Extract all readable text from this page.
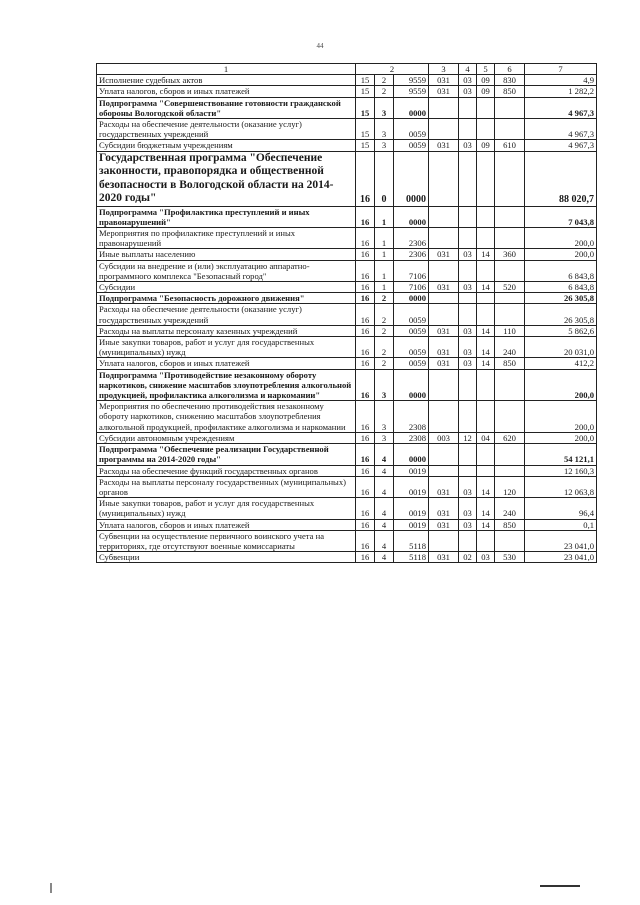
44
1	2			3	4	5	6	7
Исполнение судебных актов	15	2	9559	031	03	09	830	4,9
Уплата налогов, сборов и иных платежей	15	2	9559	031	03	09	850	1 282,2
Подпрограмма "Совершенствование готовности гражданской обороны Вологодской области"	15	3	0000					4 967,3
Расходы на обеспечение деятельности (оказание услуг) государственных учреждений	15	3	0059					4 967,3
Субсидии бюджетным учреждениям	15	3	0059	031	03	09	610	4 967,3
Государственная программа "Обеспечение законности, правопорядка и общественной безопасности в Вологодской области на 2014-2020 годы"	16	0	0000					88 020,7
Подпрограмма "Профилактика преступлений и иных правонарушений"	16	1	0000					7 043,8
Мероприятия по профилактике преступлений и иных правонарушений	16	1	2306					200,0
Иные выплаты населению	16	1	2306	031	03	14	360	200,0
Субсидии на внедрение и (или) эксплуатацию аппаратно-программного комплекса "Безопасный город"	16	1	7106					6 843,8
Субсидии	16	1	7106	031	03	14	520	6 843,8
Подпрограмма "Безопасность дорожного движения"	16	2	0000					26 305,8
Расходы на обеспечение деятельности (оказание услуг) государственных учреждений	16	2	0059					26 305,8
Расходы на выплаты персоналу казенных учреждений	16	2	0059	031	03	14	110	5 862,6
Иные закупки товаров, работ и услуг для государственных (муниципальных) нужд	16	2	0059	031	03	14	240	20 031,0
Уплата налогов, сборов и иных платежей	16	2	0059	031	03	14	850	412,2
Подпрограмма "Противодействие незаконному обороту наркотиков, снижение масштабов злоупотребления алкогольной продукцией, профилактика алкоголизма и наркомании"	16	3	0000					200,0
Мероприятия по обеспечению противодействия незаконному обороту наркотиков, снижению масштабов злоупотребления алкогольной продукцией, профилактике алкоголизма и наркомании	16	3	2308					200,0
Субсидии автономным учреждениям	16	3	2308	003	12	04	620	200,0
Подпрограмма "Обеспечение реализации Государственной программы на 2014-2020 годы"	16	4	0000					54 121,1
Расходы на обеспечение функций государственных органов	16	4	0019					12 160,3
Расходы на выплаты персоналу государственных (муниципальных) органов	16	4	0019	031	03	14	120	12 063,8
Иные закупки товаров, работ и услуг для государственных (муниципальных) нужд	16	4	0019	031	03	14	240	96,4
Уплата налогов, сборов и иных платежей	16	4	0019	031	03	14	850	0,1
Субвенции на осуществление первичного воинского учета на территориях, где отсутствуют военные комиссариаты	16	4	5118					23 041,0
Субвенции	16	4	5118	031	02	03	530	23 041,0
